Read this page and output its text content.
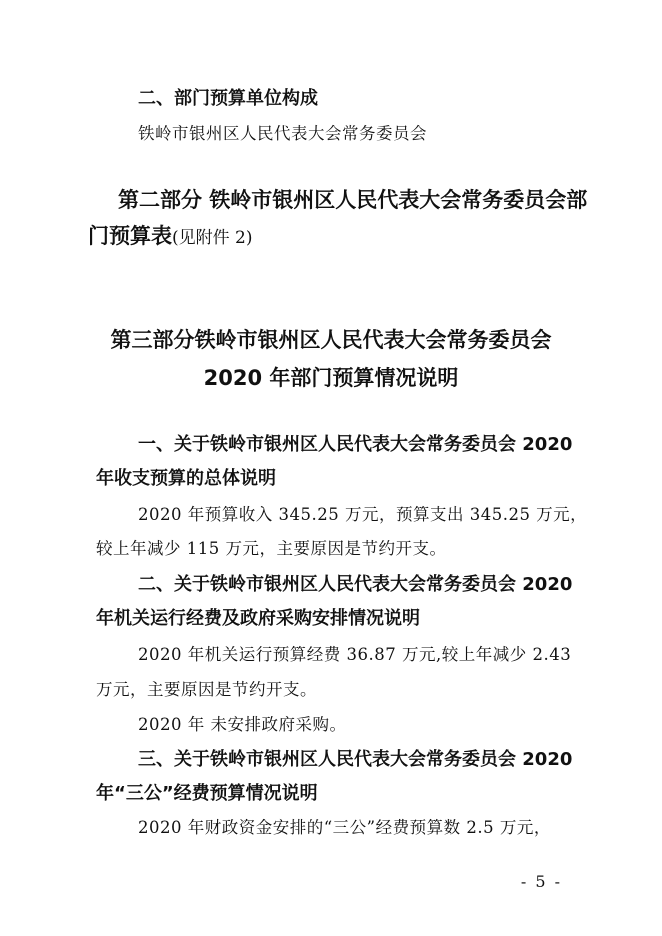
二、部门预算单位构成
铁岭市银州区人民代表大会常务委员会
第二部分 铁岭市银州区人民代表大会常务委员会部
门预算表(见附件 2)
第三部分铁岭市银州区人民代表大会常务委员会
2020 年部门预算情况说明
一、关于铁岭市银州区人民代表大会常务委员会 2020
年收支预算的总体说明
2020 年预算收入 345.25 万元，预算支出 345.25 万元，
较上年减少 115 万元，主要原因是节约开支。
二、关于铁岭市银州区人民代表大会常务委员会 2020
年机关运行经费及政府采购安排情况说明
2020 年机关运行预算经费 36.87 万元,较上年减少 2.43
万元，主要原因是节约开支。
2020 年 未安排政府采购。
三、关于铁岭市银州区人民代表大会常务委员会 2020
年“三公”经费预算情况说明
2020 年财政资金安排的“三公”经费预算数 2.5 万元，
- 5 -
